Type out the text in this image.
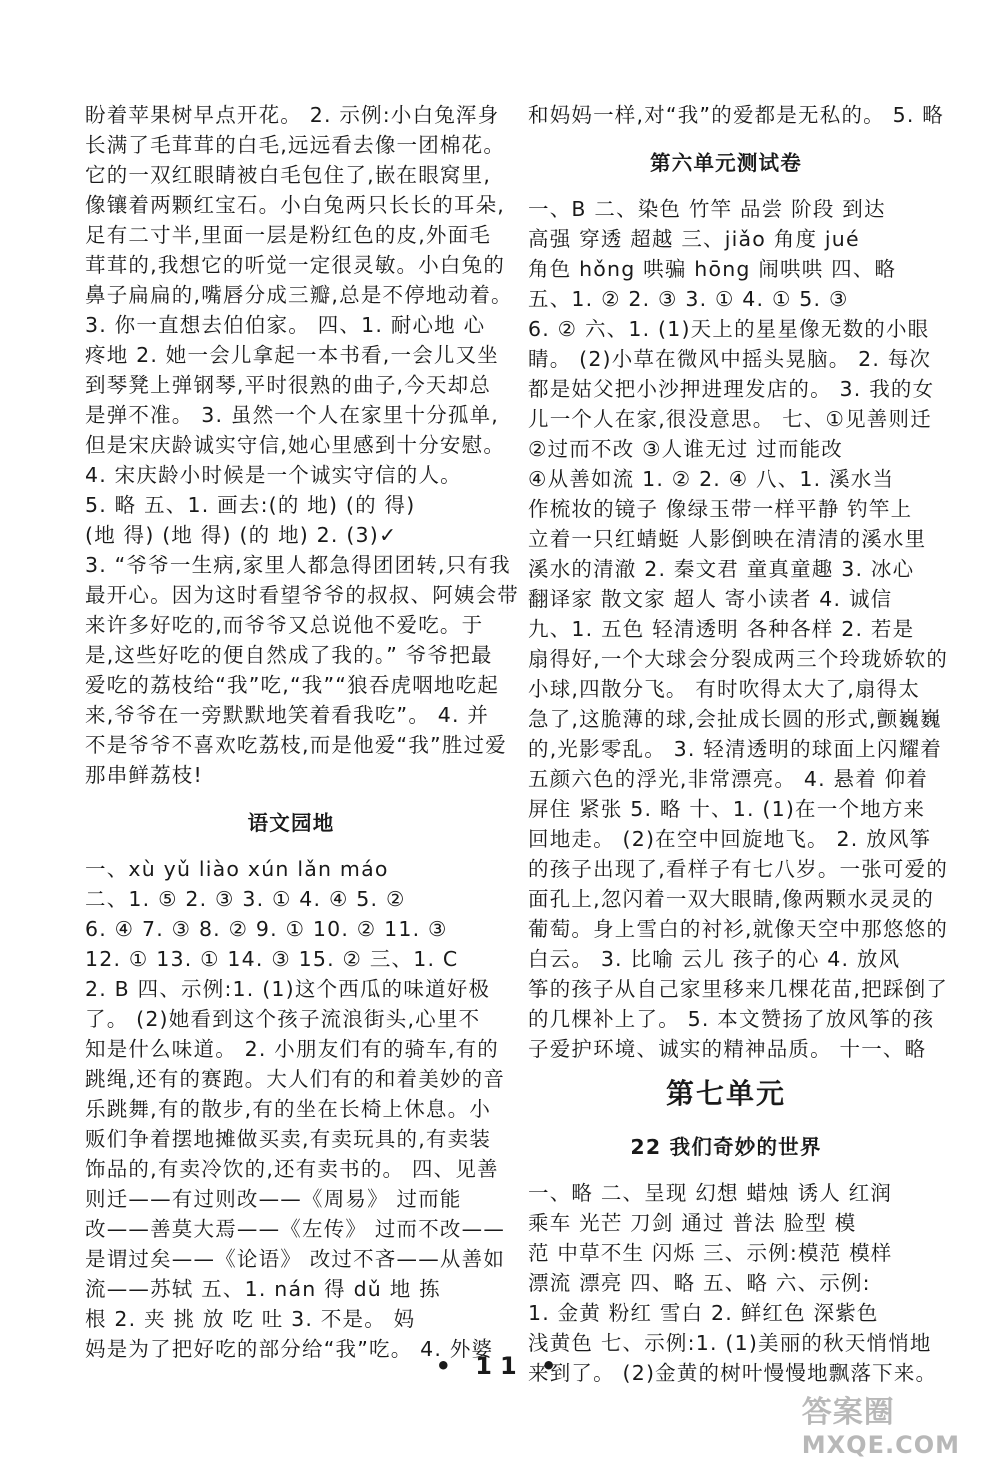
盼着苹果树早点开花。 2. 示例:小白兔浑身
长满了毛茸茸的白毛,远远看去像一团棉花。
它的一双红眼睛被白毛包住了,嵌在眼窝里,
像镶着两颗红宝石。小白兔两只长长的耳朵,
足有二寸半,里面一层是粉红色的皮,外面毛
茸茸的,我想它的听觉一定很灵敏。小白兔的
鼻子扁扁的,嘴唇分成三瓣,总是不停地动着。
3. 你一直想去伯伯家。 四、1. 耐心地 心
疼地 2. 她一会儿拿起一本书看,一会儿又坐
到琴凳上弹钢琴,平时很熟的曲子,今天却总
是弹不准。 3. 虽然一个人在家里十分孤单,
但是宋庆龄诚实守信,她心里感到十分安慰。
4. 宋庆龄小时候是一个诚实守信的人。
5. 略 五、1. 画去:(的 地) (的 得)
(地 得) (地 得) (的 地) 2. (3)✓
3. “爷爷一生病,家里人都急得团团转,只有我
最开心。因为这时看望爷爷的叔叔、阿姨会带
来许多好吃的,而爷爷又总说他不爱吃。于
是,这些好吃的便自然成了我的。” 爷爷把最
爱吃的荔枝给“我”吃,“我”“狼吞虎咽地吃起
来,爷爷在一旁默默地笑着看我吃”。 4. 并
不是爷爷不喜欢吃荔枝,而是他爱“我”胜过爱
那串鲜荔枝!
语文园地
一、xù yǔ liào xún lǎn máo
二、1. ⑤ 2. ③ 3. ① 4. ④ 5. ②
6. ④ 7. ③ 8. ② 9. ① 10. ② 11. ③
12. ① 13. ① 14. ③ 15. ② 三、1. C
2. B 四、示例:1. (1)这个西瓜的味道好极
了。 (2)她看到这个孩子流浪街头,心里不
知是什么味道。 2. 小朋友们有的骑车,有的
跳绳,还有的赛跑。大人们有的和着美妙的音
乐跳舞,有的散步,有的坐在长椅上休息。小
贩们争着摆地摊做买卖,有卖玩具的,有卖装
饰品的,有卖冷饮的,还有卖书的。 四、见善
则迁——有过则改——《周易》 过而能
改——善莫大焉——《左传》 过而不改——
是谓过矣——《论语》 改过不吝——从善如
流——苏轼 五、1. nán 得 dǔ 地 拣
根 2. 夹 挑 放 吃 吐 3. 不是。 妈
妈是为了把好吃的部分给“我”吃。 4. 外婆
和妈妈一样,对“我”的爱都是无私的。 5. 略
第六单元测试卷
一、B 二、染色 竹竿 品尝 阶段 到达
高强 穿透 超越 三、jiǎo 角度 jué
角色 hǒng 哄骗 hōng 闹哄哄 四、略
五、1. ② 2. ③ 3. ① 4. ① 5. ③
6. ② 六、1. (1)天上的星星像无数的小眼
睛。 (2)小草在微风中摇头晃脑。 2. 每次
都是姑父把小沙押进理发店的。 3. 我的女
儿一个人在家,很没意思。 七、①见善则迁
②过而不改 ③人谁无过 过而能改
④从善如流 1. ② 2. ④ 八、1. 溪水当
作梳妆的镜子 像绿玉带一样平静 钓竿上
立着一只红蜻蜓 人影倒映在清清的溪水里
溪水的清澈 2. 秦文君 童真童趣 3. 冰心
翻译家 散文家 超人 寄小读者 4. 诚信
九、1. 五色 轻清透明 各种各样 2. 若是
扇得好,一个大球会分裂成两三个玲珑娇软的
小球,四散分飞。 有时吹得太大了,扇得太
急了,这脆薄的球,会扯成长圆的形式,颤巍巍
的,光影零乱。 3. 轻清透明的球面上闪耀着
五颜六色的浮光,非常漂亮。 4. 悬着 仰着
屏住 紧张 5. 略 十、1. (1)在一个地方来
回地走。 (2)在空中回旋地飞。 2. 放风筝
的孩子出现了,看样子有七八岁。一张可爱的
面孔上,忽闪着一双大眼睛,像两颗水灵灵的
葡萄。身上雪白的衬衫,就像天空中那悠悠的
白云。 3. 比喻 云儿 孩子的心 4. 放风
筝的孩子从自己家里移来几棵花苗,把踩倒了
的几棵补上了。 5. 本文赞扬了放风筝的孩
子爱护环境、诚实的精神品质。 十一、略
第七单元
22 我们奇妙的世界
一、略 二、呈现 幻想 蜡烛 诱人 红润
乘车 光芒 刀剑 通过 普法 脸型 模
范 中草不生 闪烁 三、示例:模范 模样
漂流 漂亮 四、略 五、略 六、示例:
1. 金黄 粉红 雪白 2. 鲜红色 深紫色
浅黄色 七、示例:1. (1)美丽的秋天悄悄地
来到了。 (2)金黄的树叶慢慢地飘落下来。
• 11 •
答案圈
MXQE.COM
